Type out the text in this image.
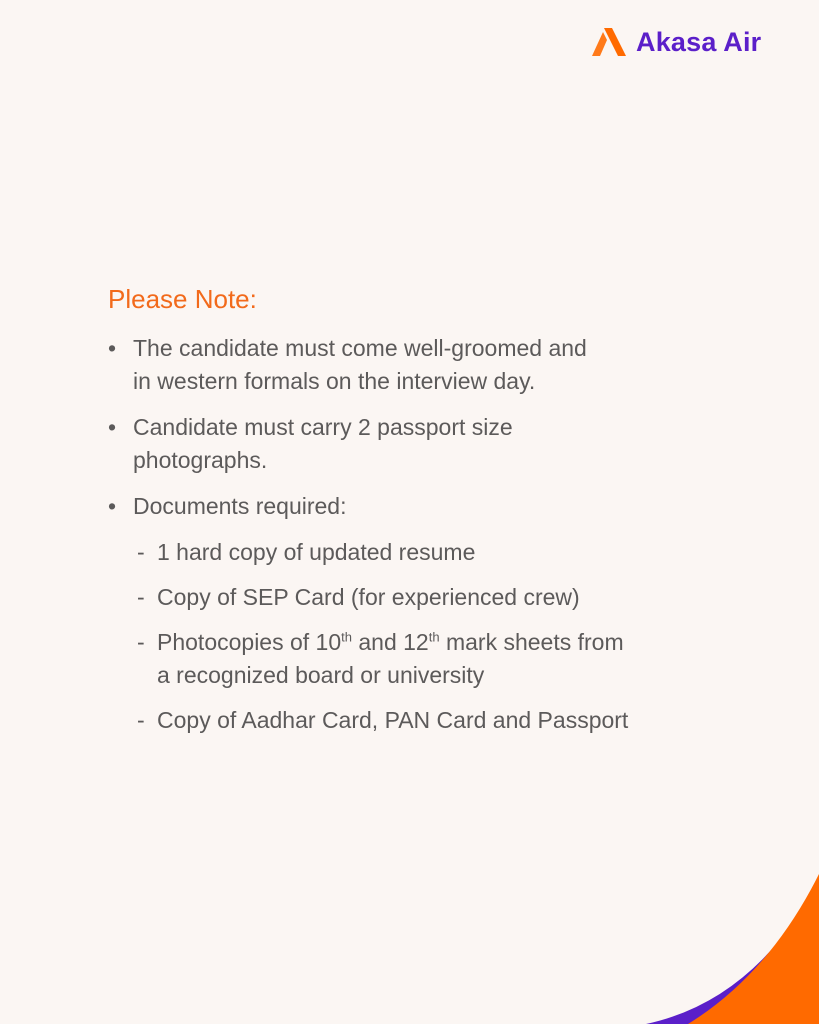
Akasa Air
Please Note:
• The candidate must come well-groomed and
in western formals on the interview day.
• Candidate must carry 2 passport size
photographs.
• Documents required:
- 1 hard copy of updated resume
- Copy of SEP Card (for experienced crew)
- Photocopies of 10th and 12th mark sheets from
a recognized board or university
- Copy of Aadhar Card, PAN Card and Passport
